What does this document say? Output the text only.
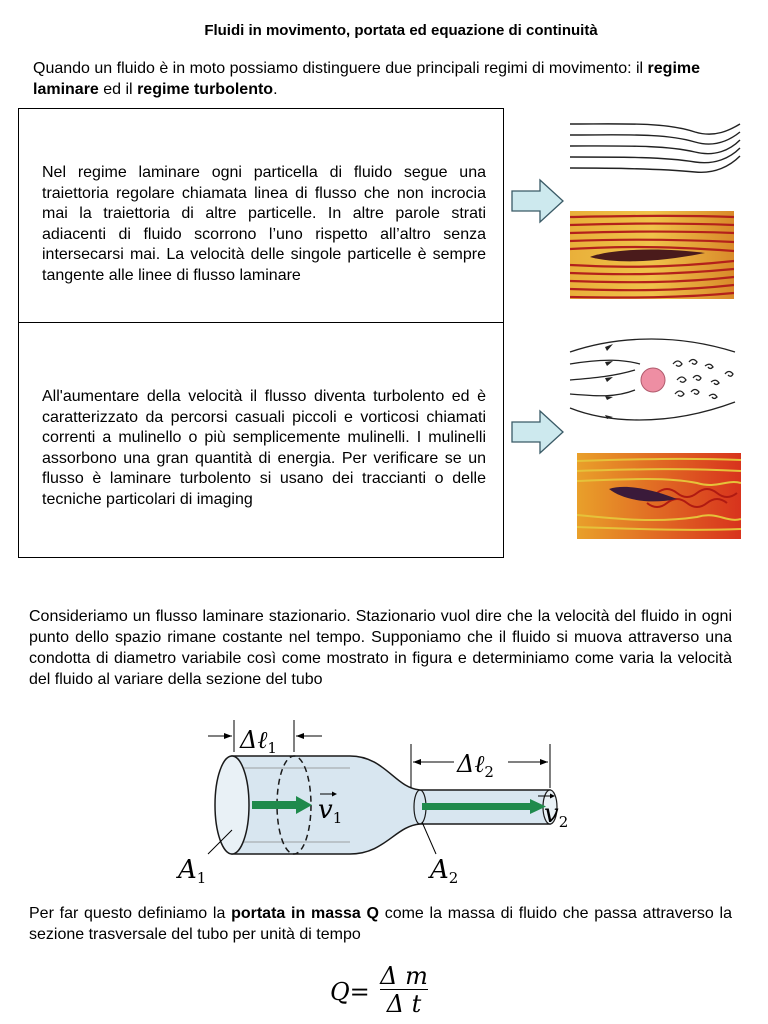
Fluidi in movimento, portata ed equazione di continuità

Quando un fluido è in moto possiamo distinguere due principali regimi di movimento: il regime laminare ed il regime turbolento.

Nel regime laminare ogni particella di fluido segue una traiettoria regolare chiamata linea di flusso che non incrocia mai la traiettoria di altre particelle. In altre parole strati adiacenti di fluido scorrono l’uno rispetto all’altro senza intersecarsi mai. La velocità delle singole particelle è sempre tangente alle linee di flusso laminare
All'aumentare della velocità il flusso diventa turbolento ed è caratterizzato da percorsi casuali piccoli e vorticosi chiamati correnti a mulinello o più semplicemente mulinelli. I mulinelli assorbono una gran quantità di energia. Per verificare se un flusso è laminare turbolento si usano dei traccianti o delle tecniche particolari di imaging

Consideriamo un flusso laminare stazionario. Stazionario vuol dire che la velocità del fluido in ogni punto dello spazio rimane costante nel tempo. Supponiamo che il fluido si muova attraverso una condotta di diametro variabile così come mostrato in figura e determiniamo come varia la velocità del fluido al variare della sezione del tubo

Δℓ$_1$
Δℓ$_2$
v1	v2
A1	A2

Per far questo definiamo la portata in massa Q come la massa di fluido che passa attraverso la sezione trasversale del tubo per unità di tempo

$Q= \frac{\text{Δ m}}{\text{Δ t}}$
